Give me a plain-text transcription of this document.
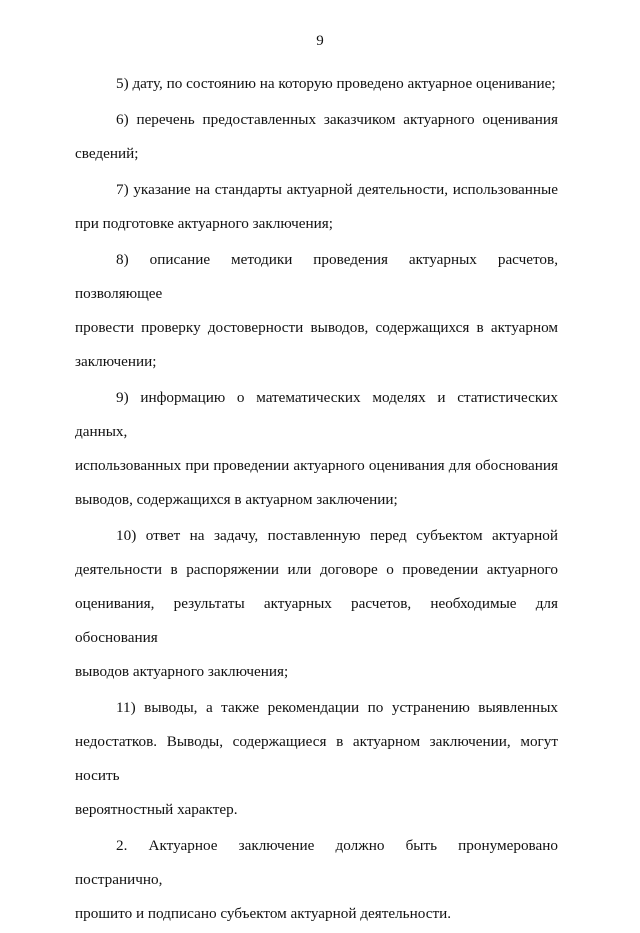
9
5) дату, по состоянию на которую проведено актуарное оценивание;
6) перечень предоставленных заказчиком актуарного оценивания
сведений;
7) указание на стандарты актуарной деятельности, использованные
при подготовке актуарного заключения;
8) описание методики проведения актуарных расчетов, позволяющее
провести проверку достоверности выводов, содержащихся в актуарном
заключении;
9) информацию о математических моделях и статистических данных,
использованных при проведении актуарного оценивания для обоснования
выводов, содержащихся в актуарном заключении;
10) ответ на задачу, поставленную перед субъектом актуарной
деятельности в распоряжении или договоре о проведении актуарного
оценивания, результаты актуарных расчетов, необходимые для обоснования
выводов актуарного заключения;
11) выводы, а также рекомендации по устранению выявленных
недостатков. Выводы, содержащиеся в актуарном заключении, могут носить
вероятностный характер.
2. Актуарное заключение должно быть пронумеровано постранично,
прошито и подписано субъектом актуарной деятельности.
